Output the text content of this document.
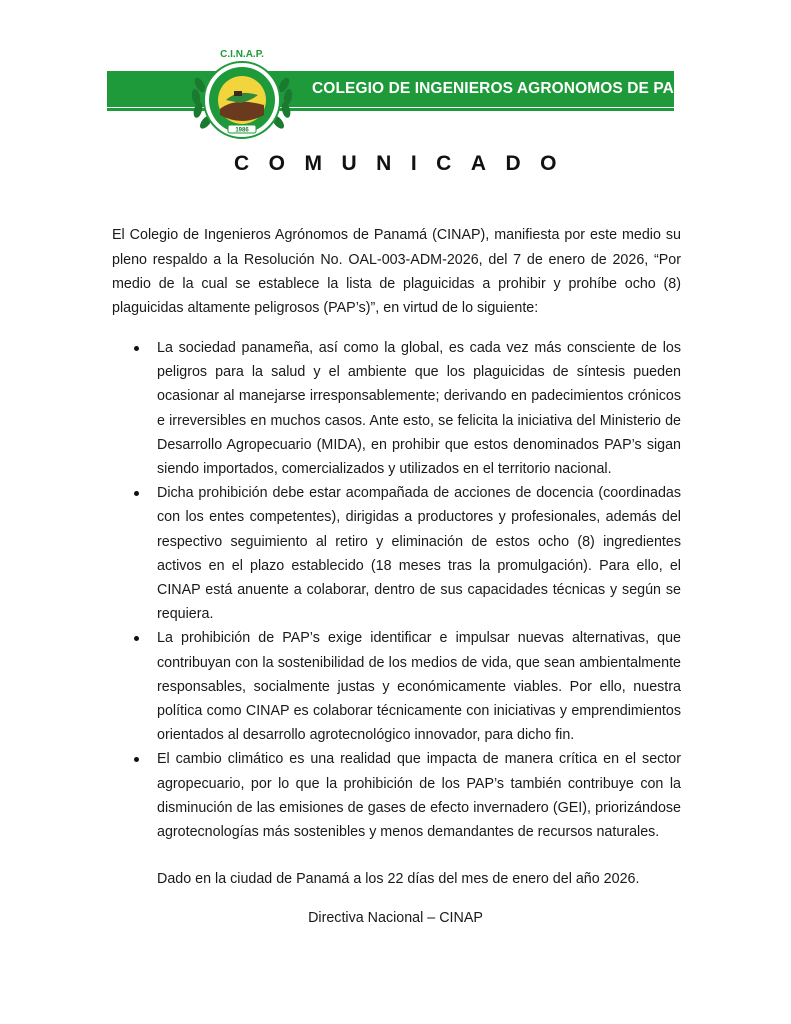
COLEGIO DE INGENIEROS AGRONOMOS DE PANAMA
1986
C.I.N.A.P.
COMUNICADO

El Colegio de Ingenieros Agrónomos de Panamá (CINAP), manifiesta por este medio su pleno respaldo a la Resolución No. OAL-003-ADM-2026, del 7 de enero de 2026, “Por medio de la cual se establece la lista de plaguicidas a prohibir y prohíbe ocho (8) plaguicidas altamente peligrosos (PAP’s)”, en virtud de lo siguiente:

La sociedad panameña, así como la global, es cada vez más consciente de los peligros para la salud y el ambiente que los plaguicidas de síntesis pueden ocasionar al manejarse irresponsablemente; derivando en padecimientos crónicos e irreversibles en muchos casos. Ante esto, se felicita la iniciativa del Ministerio de Desarrollo Agropecuario (MIDA), en prohibir que estos denominados PAP’s sigan siendo importados, comercializados y utilizados en el territorio nacional.
Dicha prohibición debe estar acompañada de acciones de docencia (coordinadas con los entes competentes), dirigidas a productores y profesionales, además del respectivo seguimiento al retiro y eliminación de estos ocho (8) ingredientes activos en el plazo establecido (18 meses tras la promulgación). Para ello, el CINAP está anuente a colaborar, dentro de sus capacidades técnicas y según se requiera.
La prohibición de PAP’s exige identificar e impulsar nuevas alternativas, que contribuyan con la sostenibilidad de los medios de vida, que sean ambientalmente responsables, socialmente justas y económicamente viables. Por ello, nuestra política como CINAP es colaborar técnicamente con iniciativas y emprendimientos orientados al desarrollo agrotecnológico innovador, para dicho fin.
El cambio climático es una realidad que impacta de manera crítica en el sector agropecuario, por lo que la prohibición de los PAP’s también contribuye con la disminución de las emisiones de gases de efecto invernadero (GEI), priorizándose agrotecnologías más sostenibles y menos demandantes de recursos naturales.

Dado en la ciudad de Panamá a los 22 días del mes de enero del año 2026.

Directiva Nacional – CINAP
